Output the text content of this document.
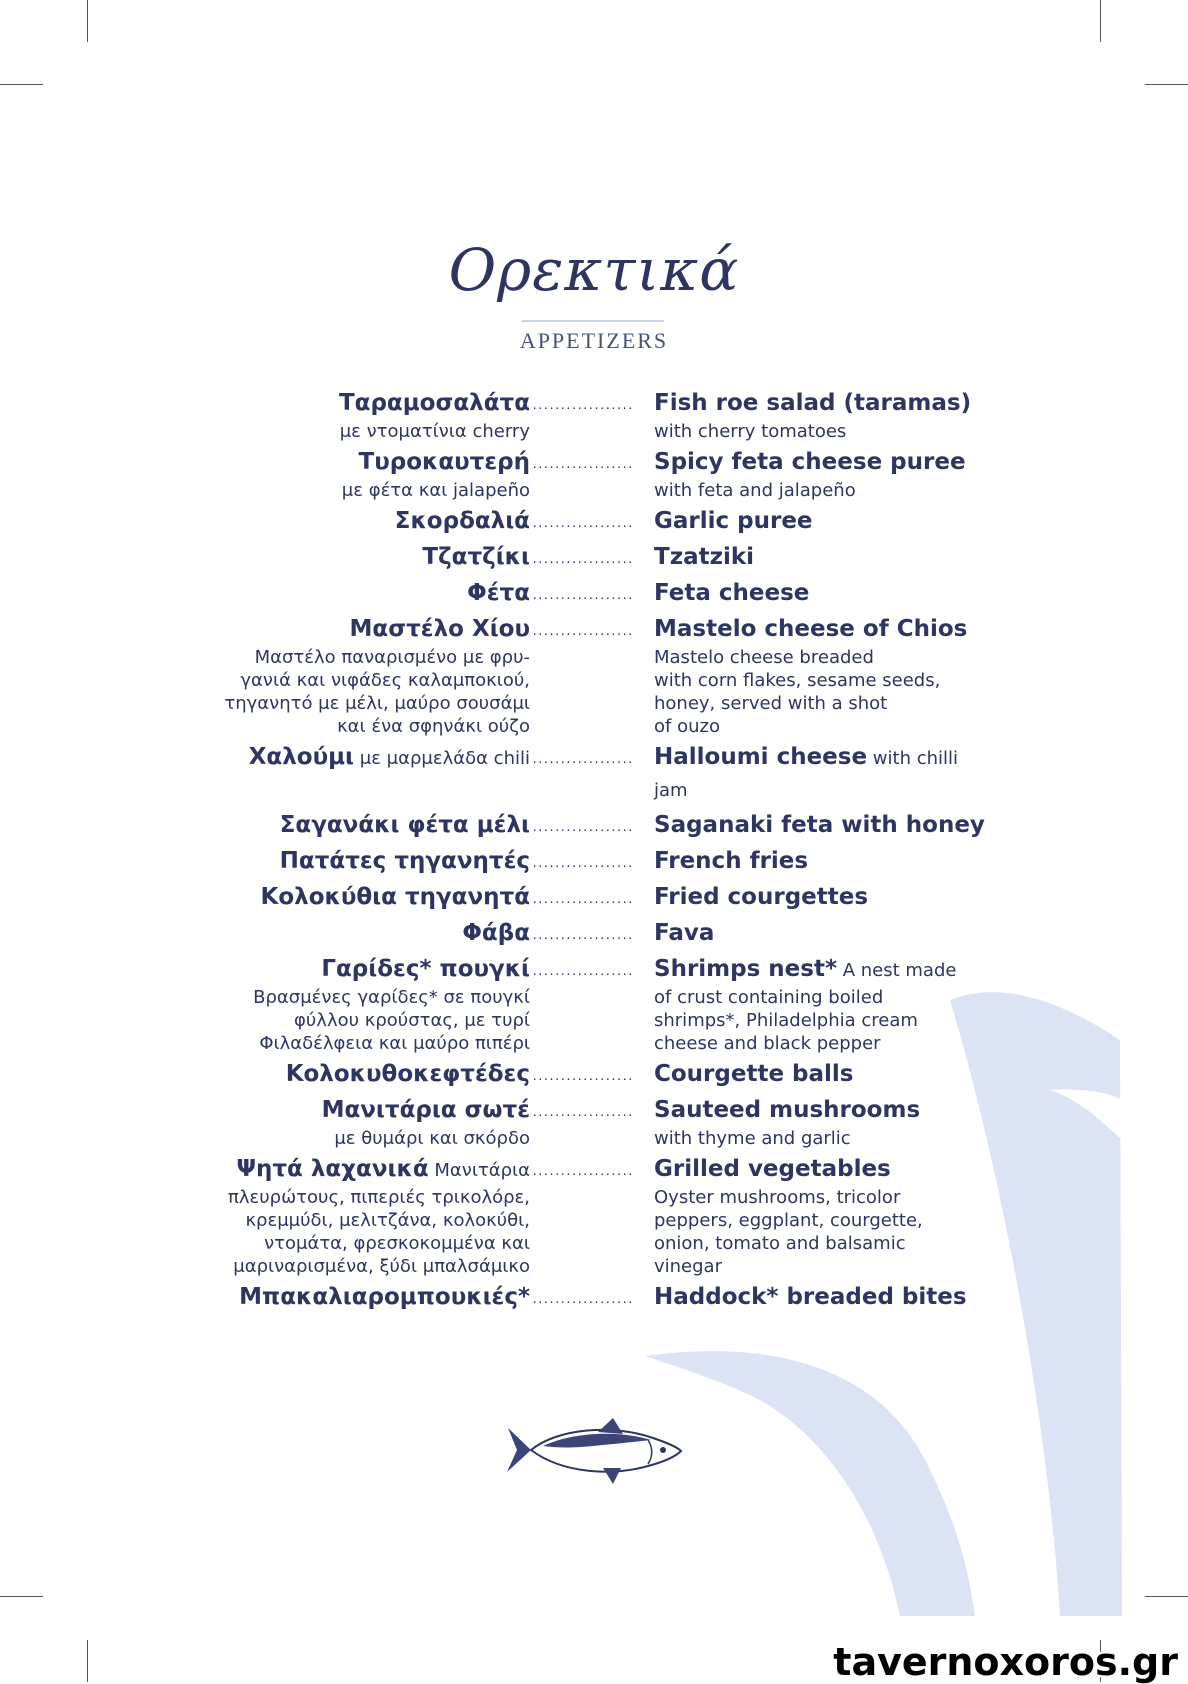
Ορεκτικά
APPETIZERS
Ταραμοσαλάτα
με ντοματίνια cherry
.................. Fish roe salad (taramas)
with cherry tomatoes
Τυροκαυτερή
με φέτα και jalapeño
.................. Spicy feta cheese puree
with feta and jalapeño
Σκορδαλιά .................. Garlic puree
Τζατζίκι .................. Tzatziki
Φέτα .................. Feta cheese
Μαστέλο Χίου
Μαστέλο παναρισμένο με φρυ-
γανιά και νιφάδες καλαμποκιού,
τηγανητό με μέλι, μαύρο σουσάμι
και ένα σφηνάκι ούζο
.................. Mastelo cheese of Chios
Mastelo cheese breaded
with corn flakes, sesame seeds,
honey, served with a shot
of ouzo
Χαλούμι με μαρμελάδα chili .................. Halloumi cheese with chilli jam
Σαγανάκι φέτα μέλι .................. Saganaki feta with honey
Πατάτες τηγανητές .................. French fries
Κολοκύθια τηγανητά .................. Fried courgettes
Φάβα .................. Fava
Γαρίδες* πουγκί
Βρασμένες γαρίδες* σε πουγκί
φύλλου κρούστας, με τυρί
Φιλαδέλφεια και μαύρο πιπέρι
.................. Shrimps nest* A nest made
of crust containing boiled
shrimps*, Philadelphia cream
cheese and black pepper
Κολοκυθοκεφτέδες .................. Courgette balls
Μανιτάρια σωτέ
με θυμάρι και σκόρδο
.................. Sauteed mushrooms
with thyme and garlic
Ψητά λαχανικά Μανιτάρια
πλευρώτους, πιπεριές τρικολόρε,
κρεμμύδι, μελιτζάνα, κολοκύθι,
ντομάτα, φρεσκοκομμένα και
μαριναρισμένα, ξύδι μπαλσάμικο
.................. Grilled vegetables
Oyster mushrooms, tricolor
peppers, eggplant, courgette,
onion, tomato and balsamic
vinegar
Μπακαλιαρομπουκιές* .................. Haddock* breaded bites
tavernoxoros.gr
